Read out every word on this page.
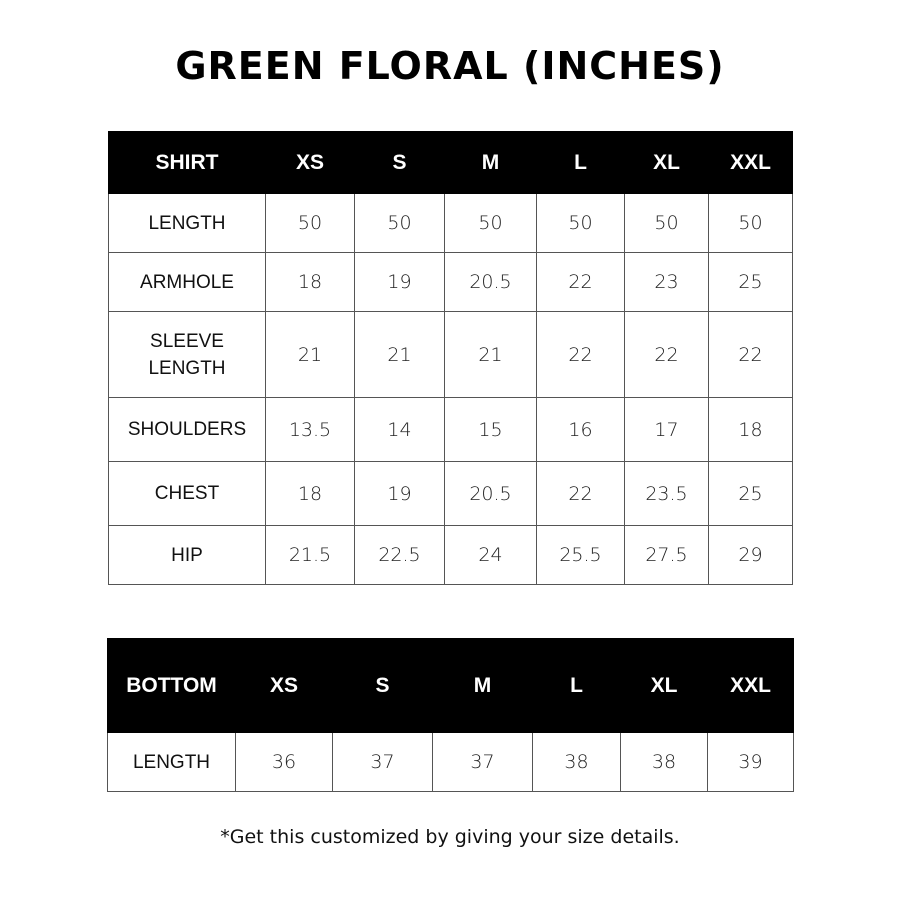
GREEN FLORAL (INCHES)
SHIRT	XS	S	M	L	XL	XXL
LENGTH	50	50	50	50	50	50
ARMHOLE	18	19	20.5	22	23	25
SLEEVE LENGTH	21	21	21	22	22	22
SHOULDERS	13.5	14	15	16	17	18
CHEST	18	19	20.5	22	23.5	25
HIP	21.5	22.5	24	25.5	27.5	29
BOTTOM	XS	S	M	L	XL	XXL
LENGTH	36	37	37	38	38	39
*Get this customized by giving your size details.
